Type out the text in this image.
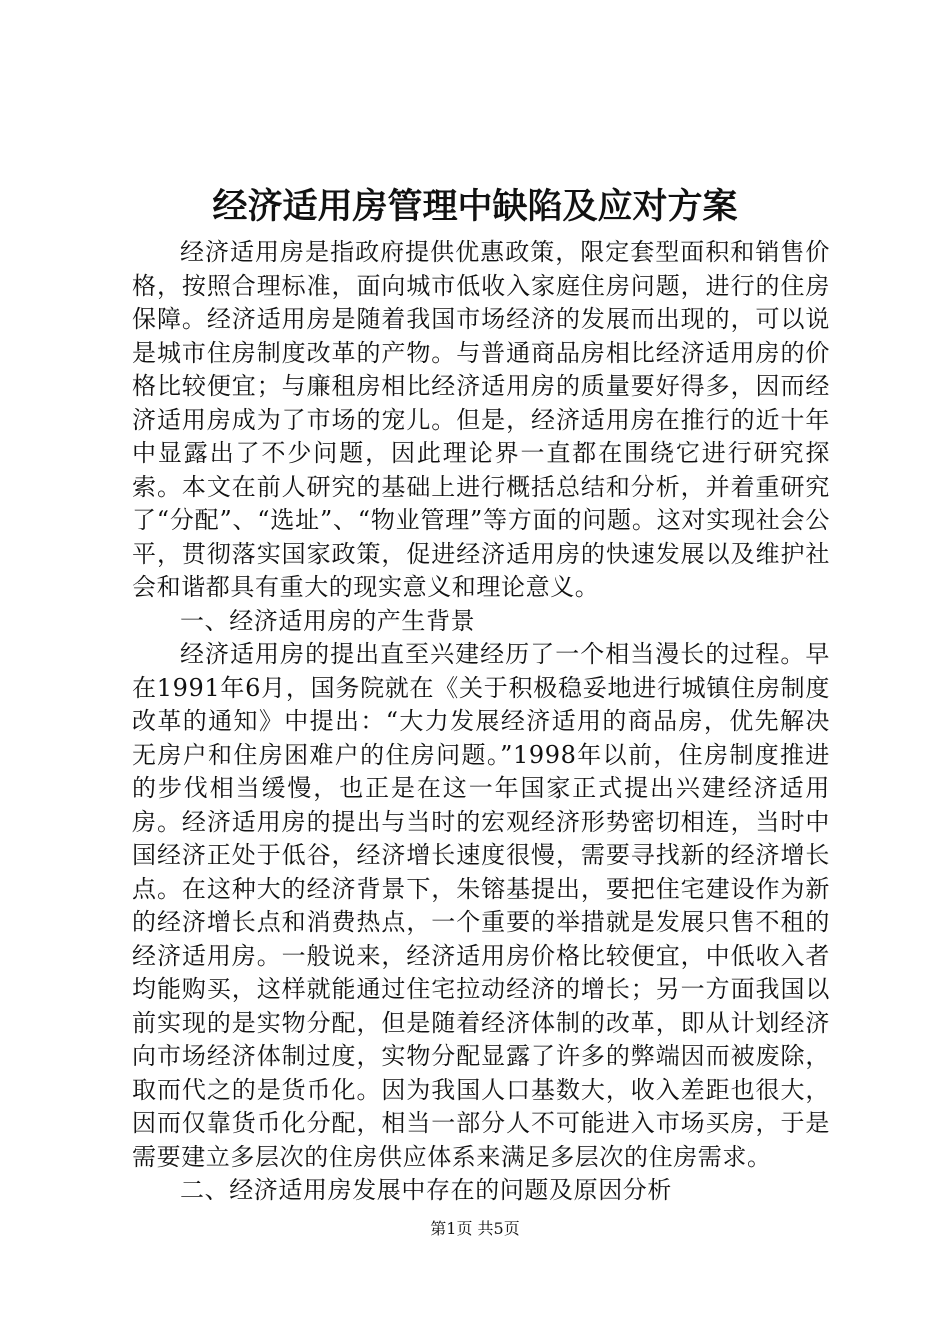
经济适用房管理中缺陷及应对方案

经济适用房是指政府提供优惠政策，限定套型面积和销售价格，按照合理标准，面向城市低收入家庭住房问题，进行的住房保障。经济适用房是随着我国市场经济的发展而出现的，可以说是城市住房制度改革的产物。与普通商品房相比经济适用房的价格比较便宜；与廉租房相比经济适用房的质量要好得多，因而经济适用房成为了市场的宠儿。但是，经济适用房在推行的近十年中显露出了不少问题，因此理论界一直都在围绕它进行研究探索。本文在前人研究的基础上进行概括总结和分析，并着重研究了“分配”、“选址”、“物业管理”等方面的问题。这对实现社会公平，贯彻落实国家政策，促进经济适用房的快速发展以及维护社会和谐都具有重大的现实意义和理论意义。

一、经济适用房的产生背景

经济适用房的提出直至兴建经历了一个相当漫长的过程。早在1991年6月，国务院就在《关于积极稳妥地进行城镇住房制度改革的通知》中提出：“大力发展经济适用的商品房，优先解决无房户和住房困难户的住房问题。”1998年以前，住房制度推进的步伐相当缓慢，也正是在这一年国家正式提出兴建经济适用房。经济适用房的提出与当时的宏观经济形势密切相连，当时中国经济正处于低谷，经济增长速度很慢，需要寻找新的经济增长点。在这种大的经济背景下，朱镕基提出，要把住宅建设作为新的经济增长点和消费热点，一个重要的举措就是发展只售不租的经济适用房。一般说来，经济适用房价格比较便宜，中低收入者均能购买，这样就能通过住宅拉动经济的增长；另一方面我国以前实现的是实物分配，但是随着经济体制的改革，即从计划经济向市场经济体制过度，实物分配显露了许多的弊端因而被废除，取而代之的是货币化。因为我国人口基数大，收入差距也很大，因而仅靠货币化分配，相当一部分人不可能进入市场买房，于是需要建立多层次的住房供应体系来满足多层次的住房需求。

二、经济适用房发展中存在的问题及原因分析

第1页 共5页
